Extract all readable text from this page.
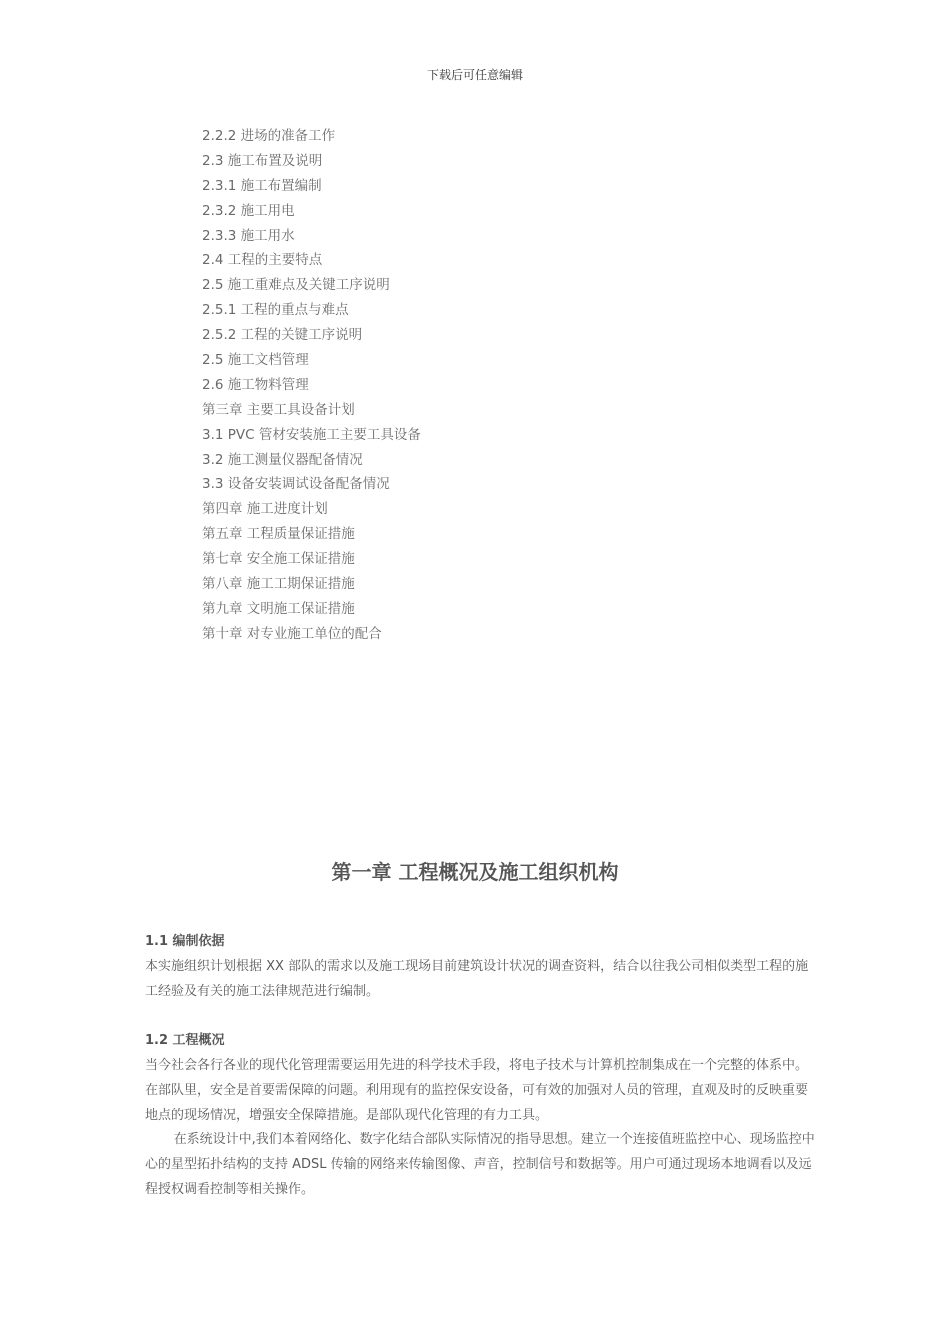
下载后可任意编辑
2.2.2 进场的准备工作
2.3 施工布置及说明
2.3.1 施工布置编制
2.3.2 施工用电
2.3.3 施工用水
2.4 工程的主要特点
2.5 施工重难点及关键工序说明
2.5.1 工程的重点与难点
2.5.2 工程的关键工序说明
2.5 施工文档管理
2.6 施工物料管理
第三章 主要工具设备计划
3.1 PVC 管材安装施工主要工具设备
3.2 施工测量仪器配备情况
3.3 设备安装调试设备配备情况
第四章 施工进度计划
第五章 工程质量保证措施
第七章 安全施工保证措施
第八章 施工工期保证措施
第九章 文明施工保证措施
第十章 对专业施工单位的配合
第一章 工程概况及施工组织机构

1.1 编制依据

本实施组织计划根据 XX 部队的需求以及施工现场目前建筑设计状况的调查资料，结合以往我公司相似类型工程的施工经验及有关的施工法律规范进行编制。

1.2 工程概况

当今社会各行各业的现代化管理需要运用先进的科学技术手段，将电子技术与计算机控制集成在一个完整的体系中。在部队里，安全是首要需保障的问题。利用现有的监控保安设备，可有效的加强对人员的管理，直观及时的反映重要地点的现场情况，增强安全保障措施。是部队现代化管理的有力工具。

在系统设计中,我们本着网络化、数字化结合部队实际情况的指导思想。建立一个连接值班监控中心、现场监控中心的星型拓扑结构的支持 ADSL 传输的网络来传输图像、声音，控制信号和数据等。用户可通过现场本地调看以及远程授权调看控制等相关操作。
